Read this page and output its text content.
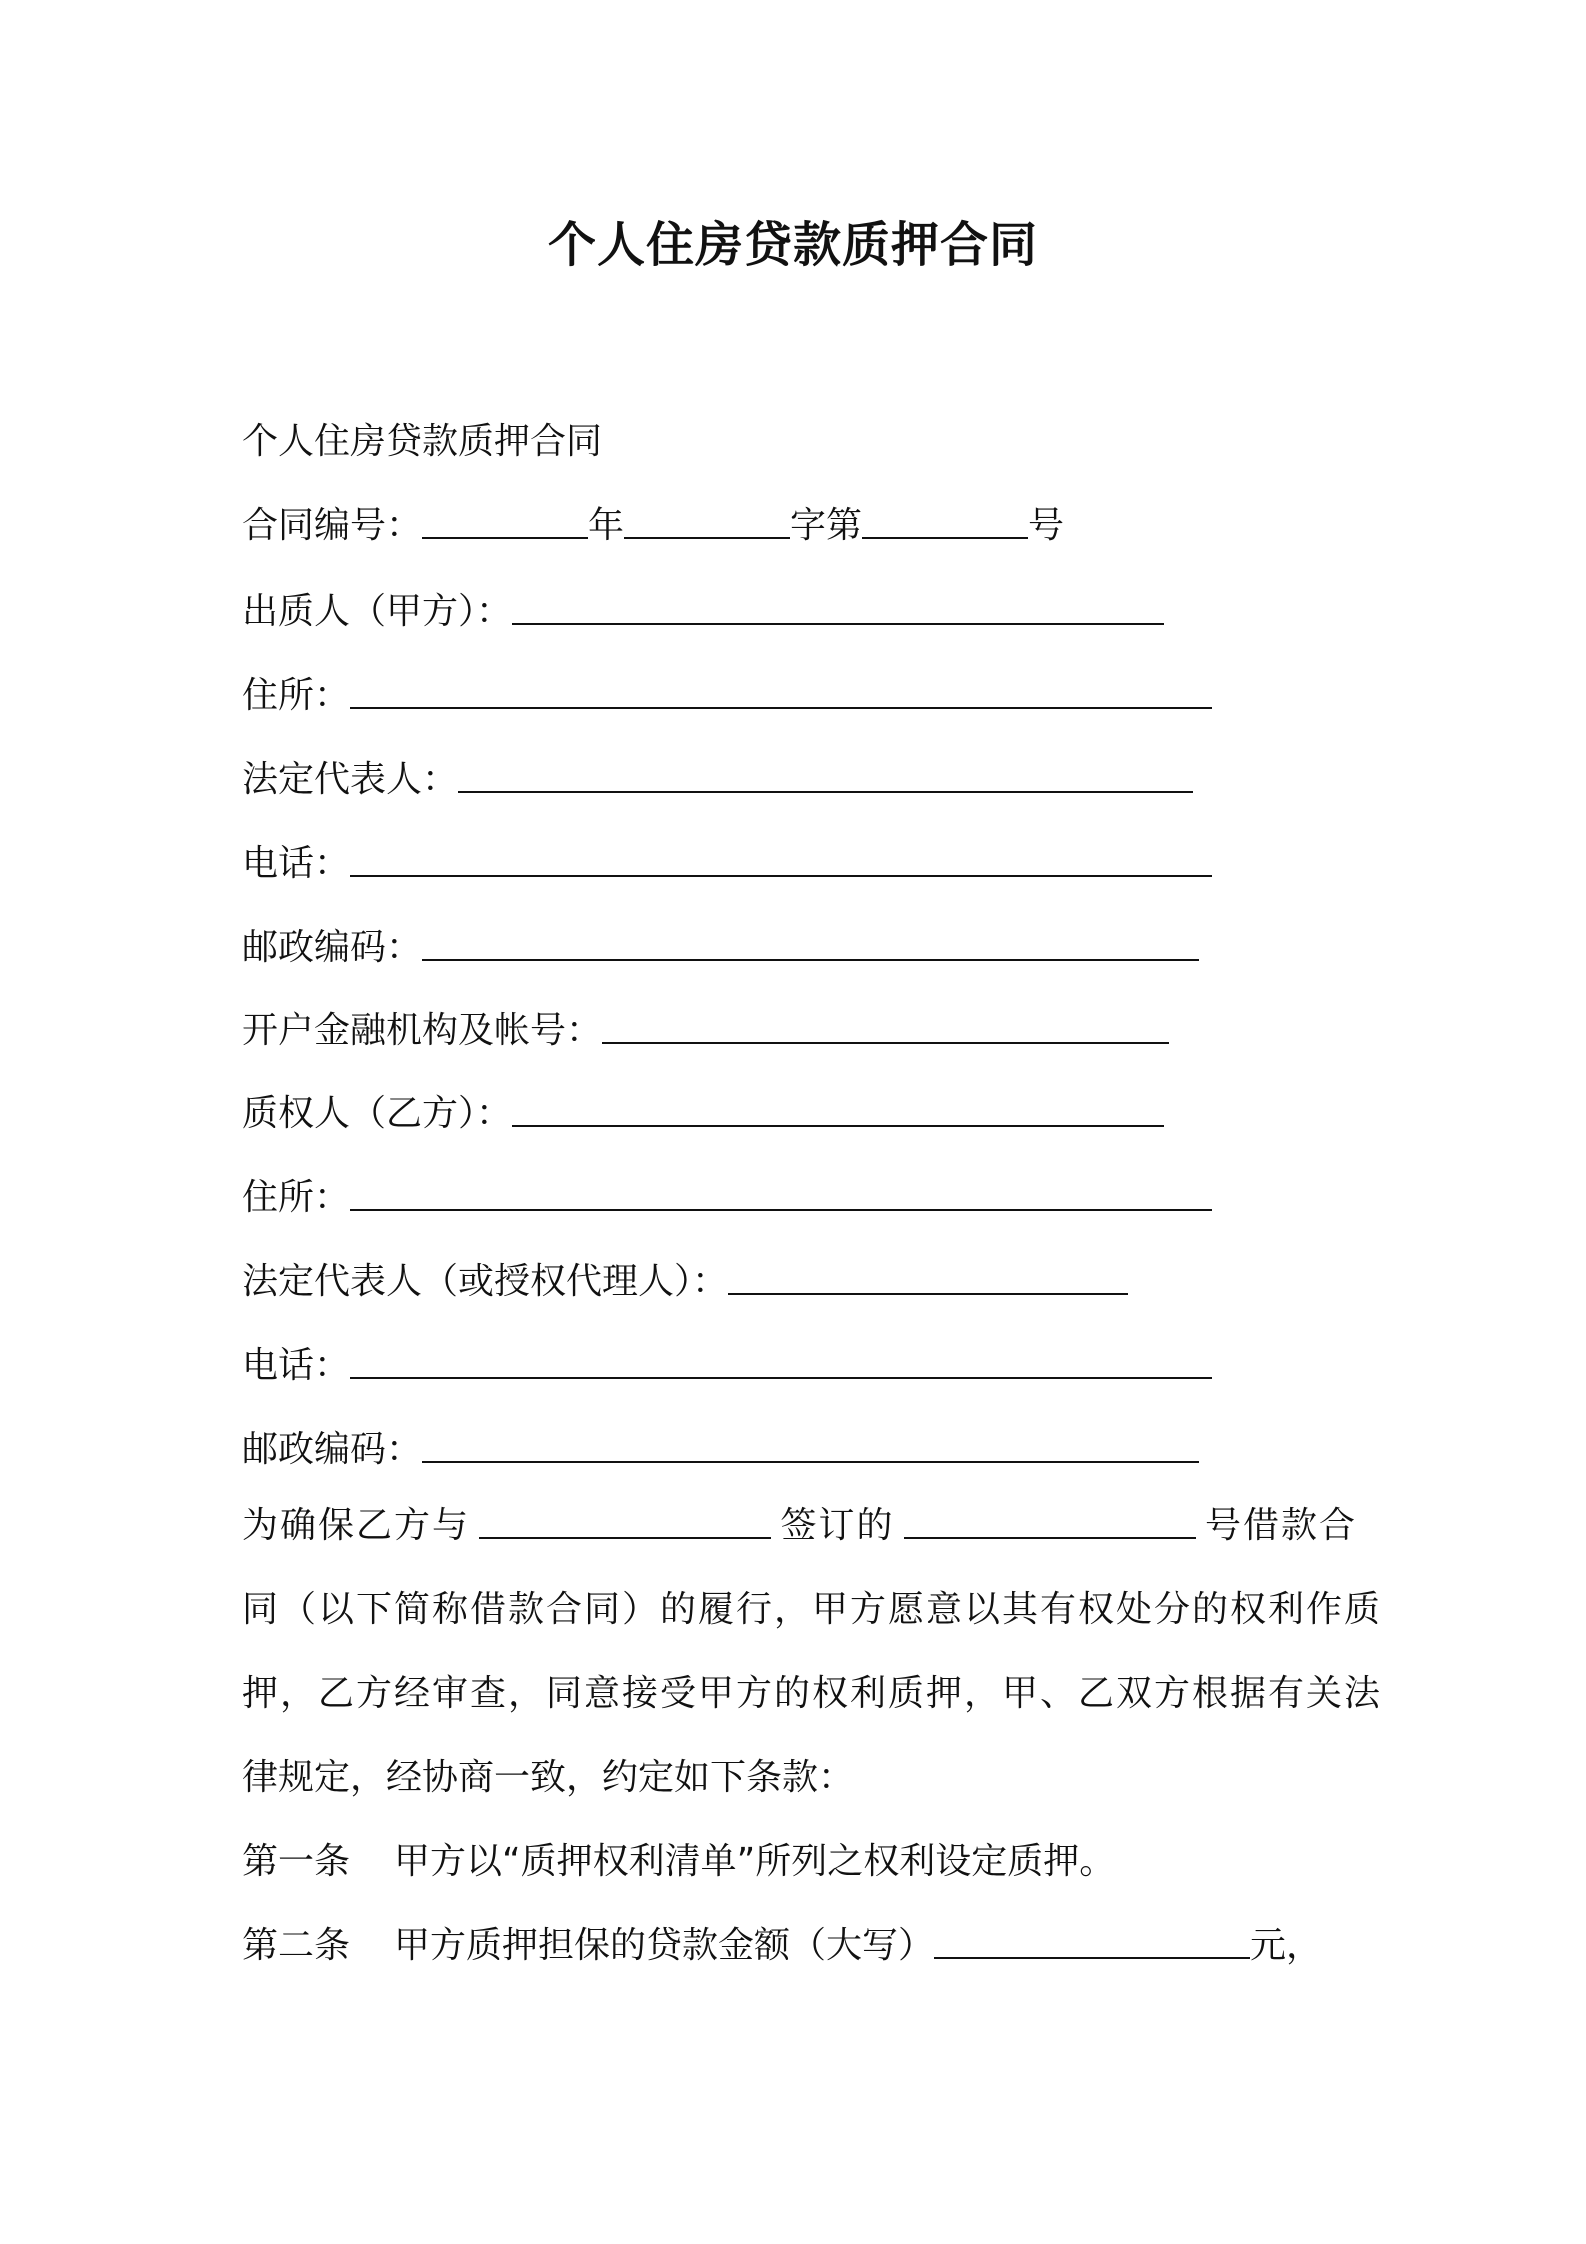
个人住房贷款质押合同
个人住房贷款质押合同
合同编号：	年	字第	号
出质人（甲方）：
住所：
法定代表人：
电话：
邮政编码：
开户金融机构及帐号：
质权人（乙方）：
住所：
法定代表人（或授权代理人）：
电话：
邮政编码：
为确保乙方与	签订的	号借款合
同（以下简称借款合同）的履行，甲方愿意以其有权处分的权利作质
押，乙方经审查，同意接受甲方的权利质押，甲、乙双方根据有关法
律规定，经协商一致，约定如下条款：
第一条	甲方以“质押权利清单”所列之权利设定质押。
第二条	甲方质押担保的贷款金额（大写）	元，
